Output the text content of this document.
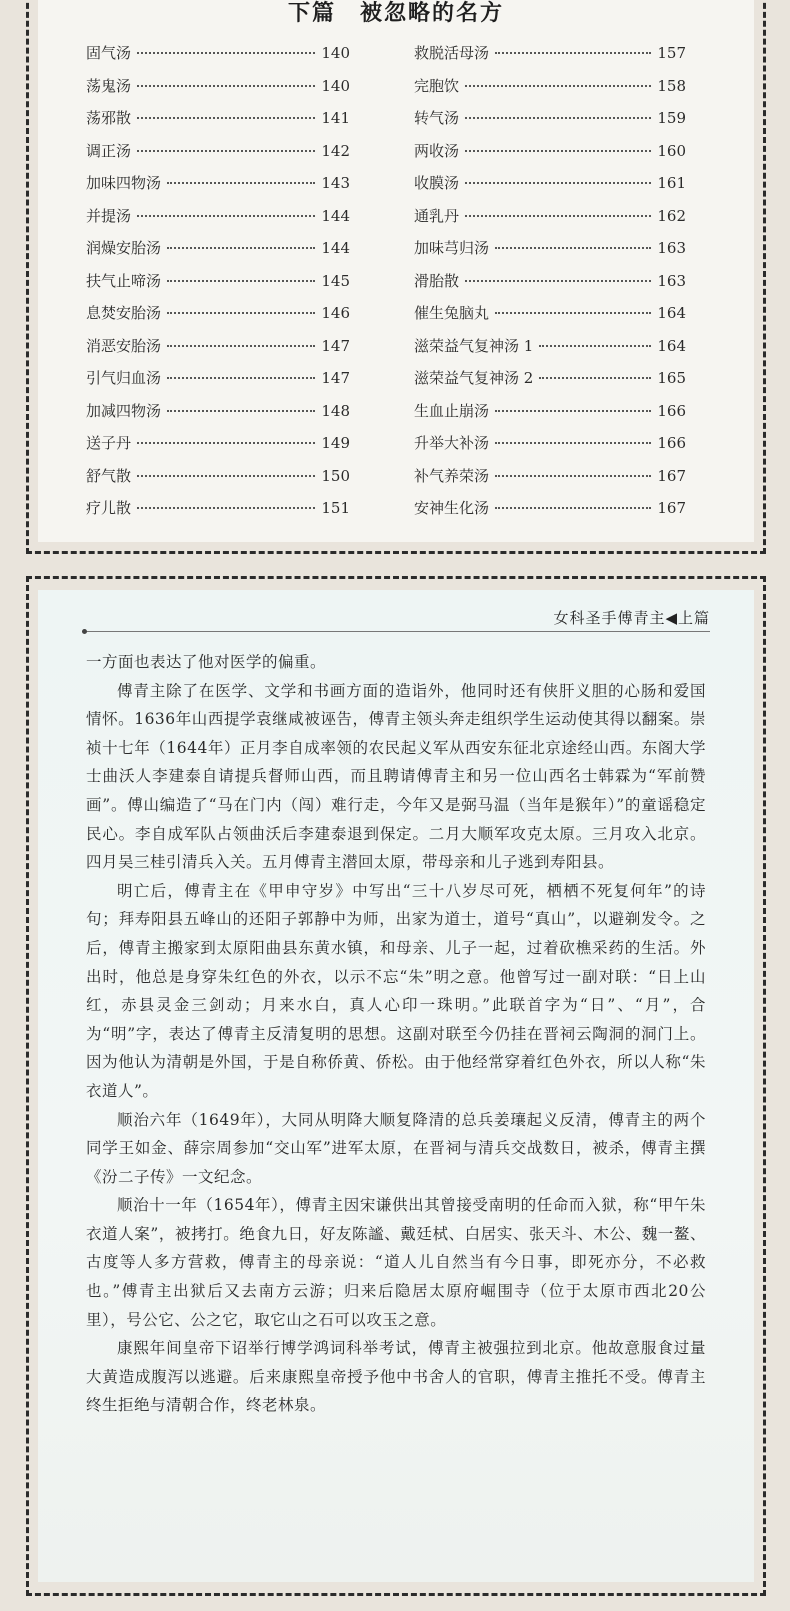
下篇　被忽略的名方
固气汤	140
荡鬼汤	140
荡邪散	141
调正汤	142
加味四物汤	143
并提汤	144
润燥安胎汤	144
扶气止啼汤	145
息焚安胎汤	146
消恶安胎汤	147
引气归血汤	147
加减四物汤	148
送子丹	149
舒气散	150
疗儿散	151
救脱活母汤	157
完胞饮	158
转气汤	159
两收汤	160
收膜汤	161
通乳丹	162
加味芎归汤	163
滑胎散	163
催生兔脑丸	164
滋荣益气复神汤 1	164
滋荣益气复神汤 2	165
生血止崩汤	166
升举大补汤	166
补气养荣汤	167
安神生化汤	167
女科圣手傅青主◀上篇

一方面也表达了他对医学的偏重。

傅青主除了在医学、文学和书画方面的造诣外，他同时还有侠肝义胆的心肠和爱国情怀。1636年山西提学袁继咸被诬告，傅青主领头奔走组织学生运动使其得以翻案。崇祯十七年（1644年）正月李自成率领的农民起义军从西安东征北京途经山西。东阁大学士曲沃人李建泰自请提兵督师山西，而且聘请傅青主和另一位山西名士韩霖为“军前赞画”。傅山编造了“马在门内（闯）难行走，今年又是弼马温（当年是猴年）”的童谣稳定民心。李自成军队占领曲沃后李建泰退到保定。二月大顺军攻克太原。三月攻入北京。四月吴三桂引清兵入关。五月傅青主潜回太原，带母亲和儿子逃到寿阳县。

明亡后，傅青主在《甲申守岁》中写出“三十八岁尽可死，栖栖不死复何年”的诗句；拜寿阳县五峰山的还阳子郭静中为师，出家为道士，道号“真山”，以避剃发令。之后，傅青主搬家到太原阳曲县东黄水镇，和母亲、儿子一起，过着砍樵采药的生活。外出时，他总是身穿朱红色的外衣，以示不忘“朱”明之意。他曾写过一副对联：“日上山红，赤县灵金三剑动；月来水白，真人心印一珠明。”此联首字为“日”、“月”，合为“明”字，表达了傅青主反清复明的思想。这副对联至今仍挂在晋祠云陶洞的洞门上。因为他认为清朝是外国，于是自称侨黄、侨松。由于他经常穿着红色外衣，所以人称“朱衣道人”。

顺治六年（1649年），大同从明降大顺复降清的总兵姜瓖起义反清，傅青主的两个同学王如金、薛宗周参加“交山军”进军太原，在晋祠与清兵交战数日，被杀，傅青主撰《汾二子传》一文纪念。

顺治十一年（1654年），傅青主因宋谦供出其曾接受南明的任命而入狱，称“甲午朱衣道人案”，被拷打。绝食九日，好友陈謐、戴廷栻、白居实、张天斗、木公、魏一鳌、古度等人多方营救，傅青主的母亲说：“道人儿自然当有今日事，即死亦分，不必救也。”傅青主出狱后又去南方云游；归来后隐居太原府崛围寺（位于太原市西北20公里），号公它、公之它，取它山之石可以攻玉之意。

康熙年间皇帝下诏举行博学鸿词科举考试，傅青主被强拉到北京。他故意服食过量大黄造成腹泻以逃避。后来康熙皇帝授予他中书舍人的官职，傅青主推托不受。傅青主终生拒绝与清朝合作，终老林泉。
